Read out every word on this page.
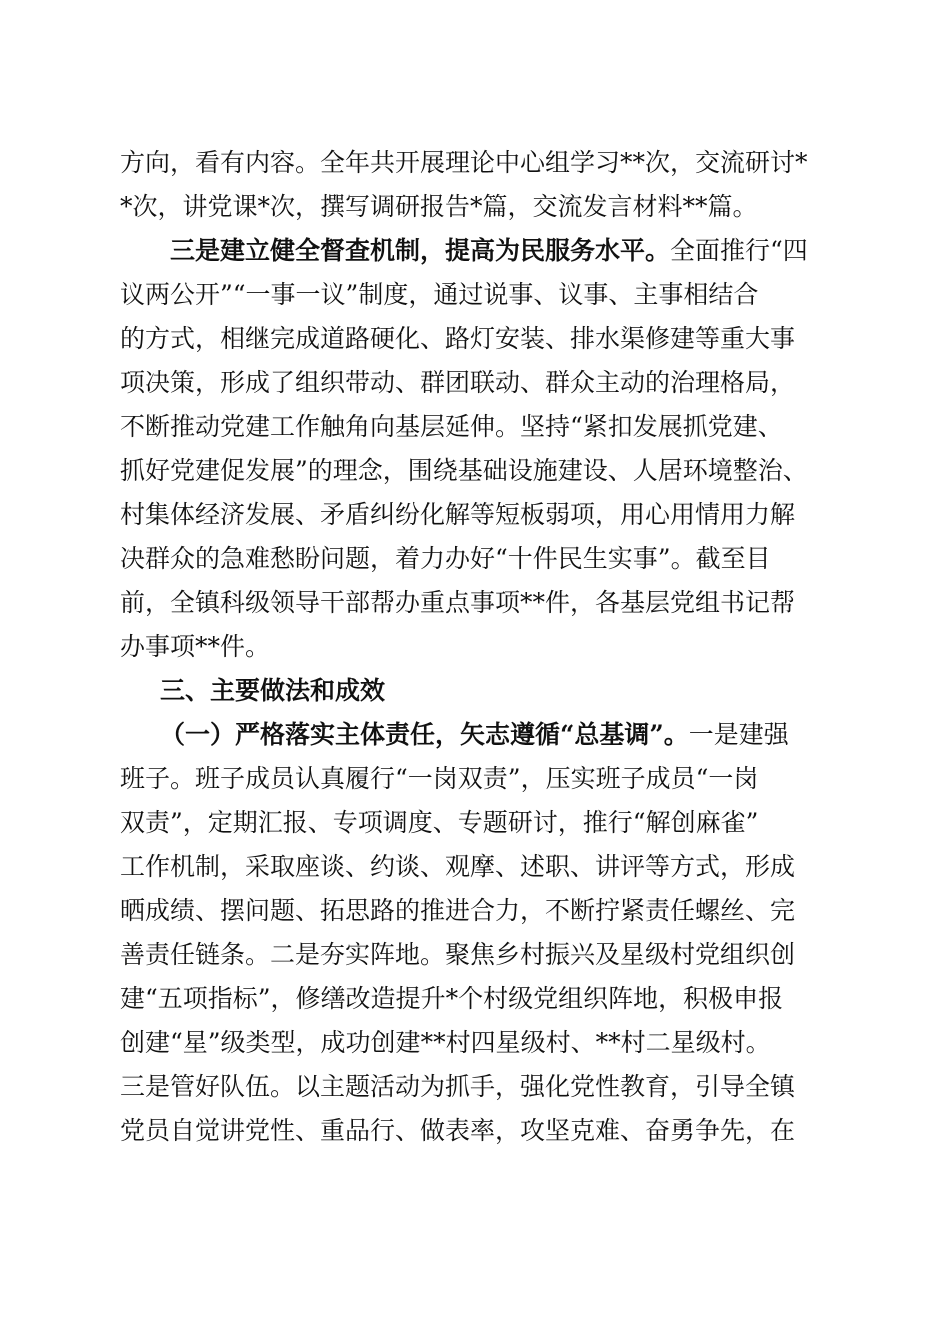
方向，看有内容。全年共开展理论中心组学习**次，交流研讨*
*次，讲党课*次，撰写调研报告*篇，交流发言材料**篇。
三是建立健全督查机制，提高为民服务水平。全面推行“四
议两公开”“一事一议”制度，通过说事、议事、主事相结合
的方式，相继完成道路硬化、路灯安装、排水渠修建等重大事
项决策，形成了组织带动、群团联动、群众主动的治理格局，
不断推动党建工作触角向基层延伸。坚持“紧扣发展抓党建、
抓好党建促发展”的理念，围绕基础设施建设、人居环境整治、
村集体经济发展、矛盾纠纷化解等短板弱项，用心用情用力解
决群众的急难愁盼问题，着力办好“十件民生实事”。截至目
前，全镇科级领导干部帮办重点事项**件，各基层党组书记帮
办事项**件。
三、主要做法和成效
（一）严格落实主体责任，矢志遵循“总基调”。一是建强
班子。班子成员认真履行“一岗双责”，压实班子成员“一岗
双责”，定期汇报、专项调度、专题研讨，推行“解创麻雀”
工作机制，采取座谈、约谈、观摩、述职、讲评等方式，形成
晒成绩、摆问题、拓思路的推进合力，不断拧紧责任螺丝、完
善责任链条。二是夯实阵地。聚焦乡村振兴及星级村党组织创
建“五项指标”，修缮改造提升*个村级党组织阵地，积极申报
创建“星”级类型，成功创建**村四星级村、**村二星级村。
三是管好队伍。以主题活动为抓手，强化党性教育，引导全镇
党员自觉讲党性、重品行、做表率，攻坚克难、奋勇争先，在
